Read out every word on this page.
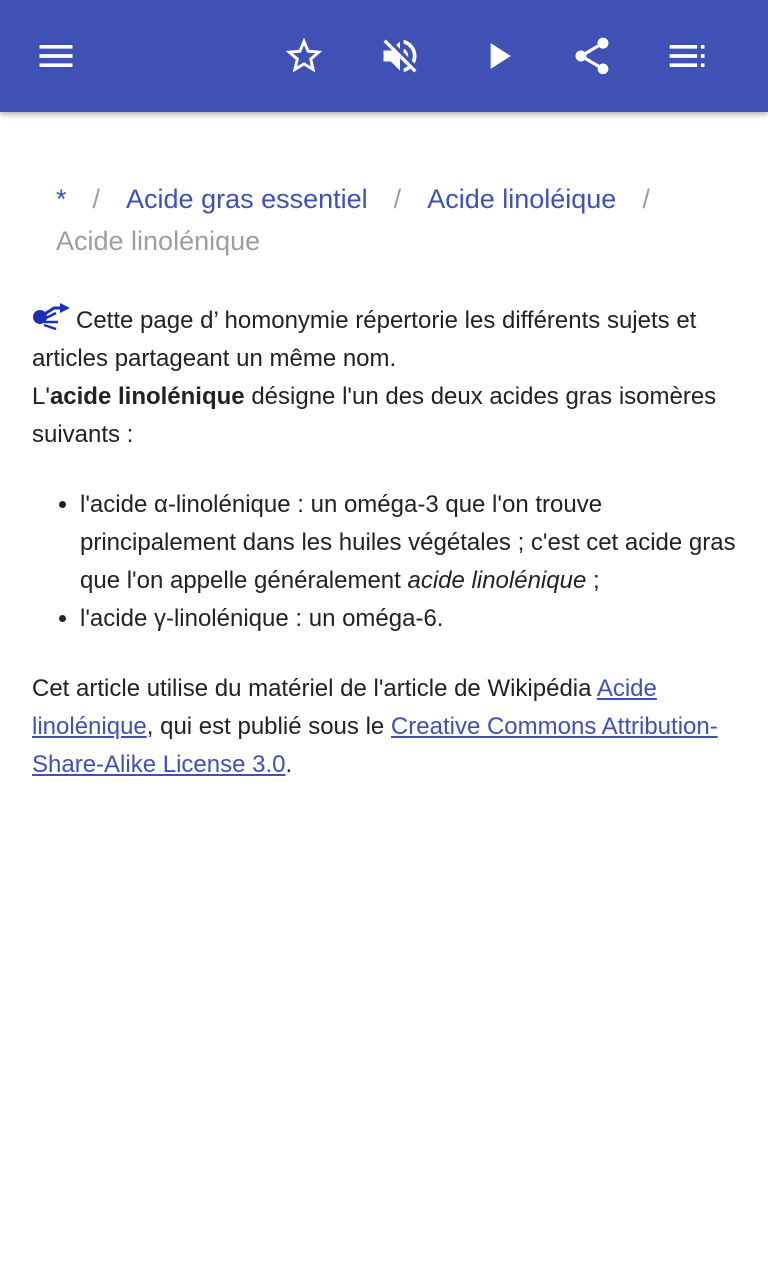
* / Acide gras essentiel / Acide linoléique /
Acide linolénique

Cette page d’ homonymie répertorie les différents sujets et articles partageant un même nom.

L'acide linolénique désigne l'un des deux acides gras isomères suivants :

• l'acide α-linolénique : un oméga-3 que l'on trouve principalement dans les huiles végétales ; c'est cet acide gras que l'on appelle généralement acide linolénique ;
• l'acide γ-linolénique : un oméga-6.

Cet article utilise du matériel de l'article de Wikipédia Acide linolénique, qui est publié sous le Creative Commons Attribution-Share-Alike License 3.0.
